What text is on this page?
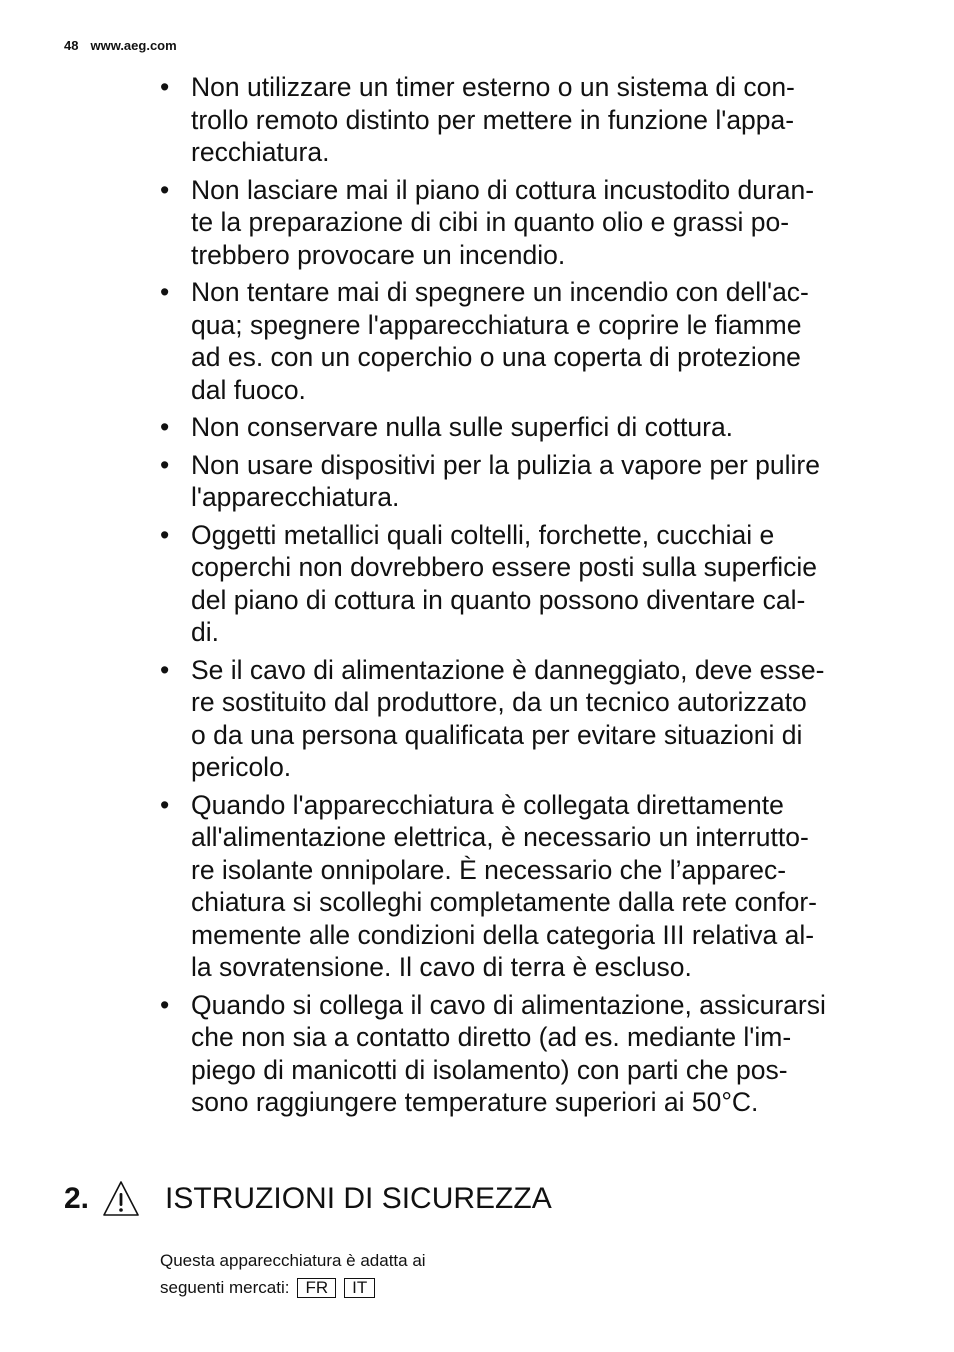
48 www.aeg.com
• Non utilizzare un timer esterno o un sistema di con-
trollo remoto distinto per mettere in funzione l'appa-
recchiatura.
• Non lasciare mai il piano di cottura incustodito duran-
te la preparazione di cibi in quanto olio e grassi po-
trebbero provocare un incendio.
• Non tentare mai di spegnere un incendio con dell'ac-
qua; spegnere l'apparecchiatura e coprire le fiamme
ad es. con un coperchio o una coperta di protezione
dal fuoco.
• Non conservare nulla sulle superfici di cottura.
• Non usare dispositivi per la pulizia a vapore per pulire
l'apparecchiatura.
• Oggetti metallici quali coltelli, forchette, cucchiai e
coperchi non dovrebbero essere posti sulla superficie
del piano di cottura in quanto possono diventare cal-
di.
• Se il cavo di alimentazione è danneggiato, deve esse-
re sostituito dal produttore, da un tecnico autorizzato
o da una persona qualificata per evitare situazioni di
pericolo.
• Quando l'apparecchiatura è collegata direttamente
all'alimentazione elettrica, è necessario un interrutto-
re isolante onnipolare. È necessario che l’apparec-
chiatura si scolleghi completamente dalla rete confor-
memente alle condizioni della categoria III relativa al-
la sovratensione. Il cavo di terra è escluso.
• Quando si collega il cavo di alimentazione, assicurarsi
che non sia a contatto diretto (ad es. mediante l'im-
piego di manicotti di isolamento) con parti che pos-
sono raggiungere temperature superiori ai 50°C.
2.	ISTRUZIONI DI SICUREZZA
Questa apparecchiatura è adatta ai
seguenti mercati: FR IT
